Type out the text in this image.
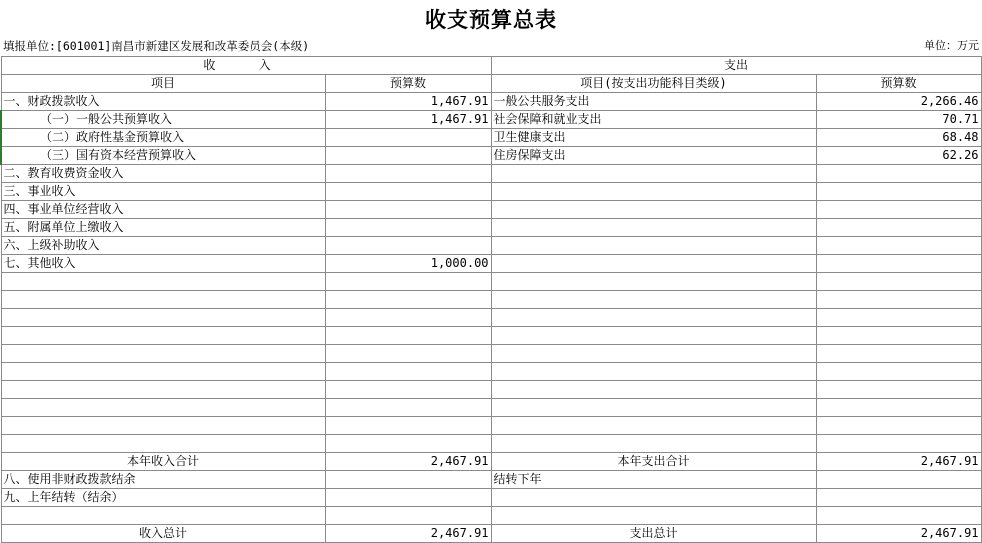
收支预算总表
填报单位:[601001]南昌市新建区发展和改革委员会(本级)	单位：万元
收 入		支出	
项目	预算数	项目(按支出功能科目类级)	预算数
一、财政拨款收入	1,467.91	一般公共服务支出	2,266.46
（一）一般公共预算收入	1,467.91	社会保障和就业支出	70.71
（二）政府性基金预算收入		卫生健康支出	68.48
（三）国有资本经营预算收入		住房保障支出	62.26
二、教育收费资金收入			
三、事业收入			
四、事业单位经营收入			
五、附属单位上缴收入			
六、上级补助收入			
七、其他收入	1,000.00		

本年收入合计	2,467.91	本年支出合计	2,467.91
八、使用非财政拨款结余		结转下年	
九、上年结转（结余）			

收入总计	2,467.91	支出总计	2,467.91
